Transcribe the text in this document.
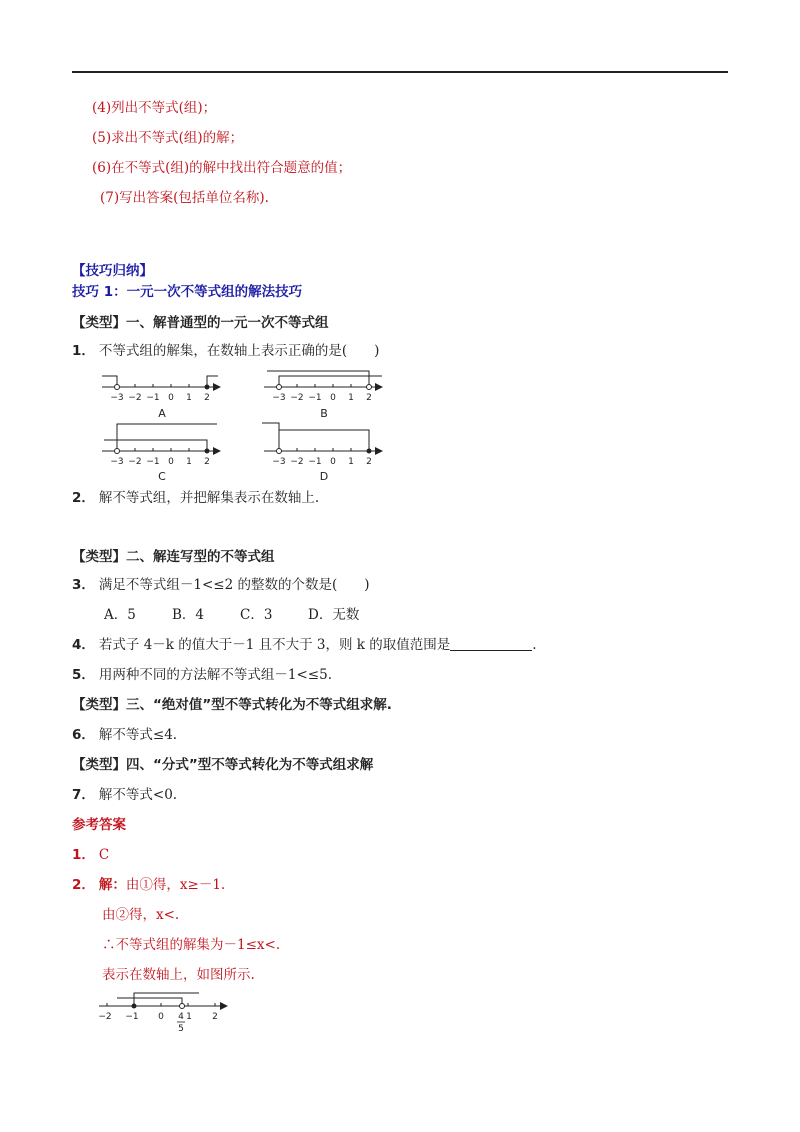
(4)列出不等式(组)；
(5)求出不等式(组)的解；
(6)在不等式(组)的解中找出符合题意的值；
(7)写出答案(包括单位名称).
【技巧归纳】
技巧 1：一元一次不等式组的解法技巧
【类型】一、解普通型的一元一次不等式组
1． 不等式组的解集，在数轴上表示正确的是(　　)
−3 −2 −1 0 1 2
A
−3 −2 −1 0 1 2
B
−3 −2 −1 0 1 2
C
−3 −2 −1 0 1 2
D
2． 解不等式组，并把解集表示在数轴上.
【类型】二、解连写型的不等式组
3． 满足不等式组－1<≤2 的整数的个数是(　　)
A．5	B．4	C．3	D．无数
4． 若式子 4－k 的值大于－1 且不大于 3，则 k 的取值范围是	.
5． 用两种不同的方法解不等式组－1<≤5.
【类型】三、“绝对值”型不等式转化为不等式组求解.
6． 解不等式≤4.
【类型】四、“分式”型不等式转化为不等式组求解
7． 解不等式<0.
参考答案
1． C
2． 解：由①得，x≥－1.
由②得，x<.
∴不等式组的解集为－1≤x<.
表示在数轴上，如图所示.
−2 −1 0 4 1 2
5
